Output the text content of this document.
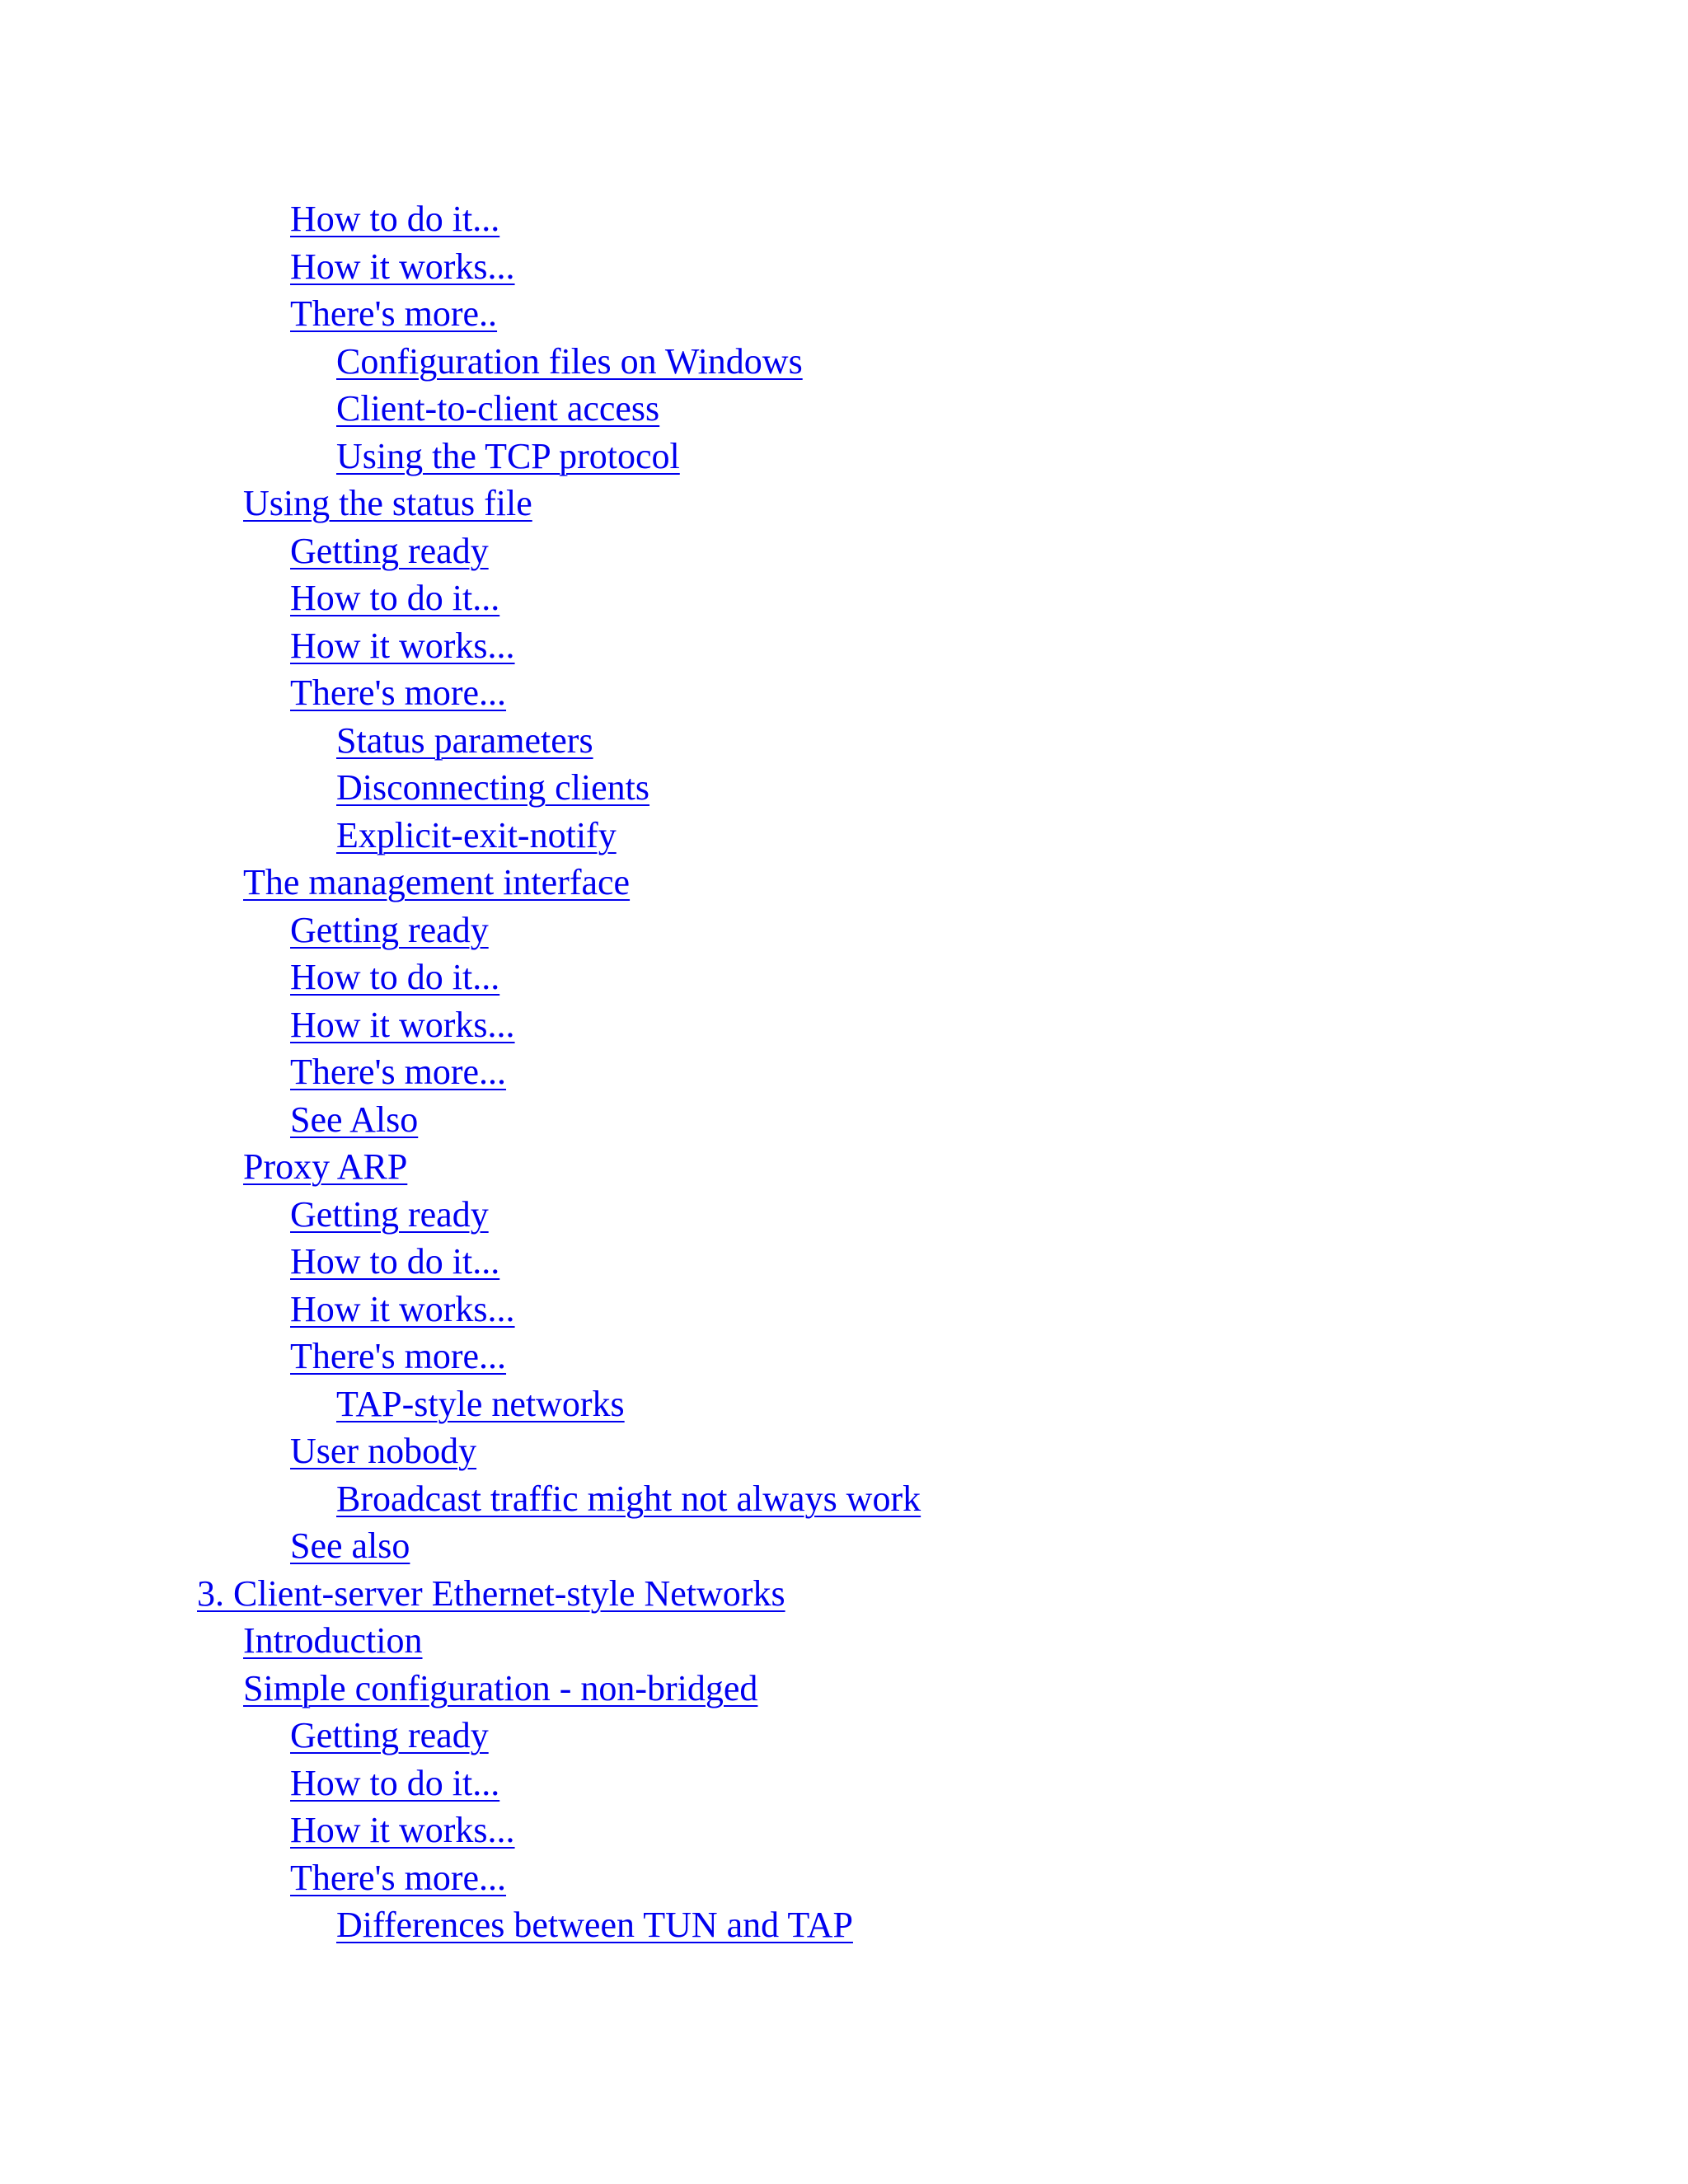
How to do it...
How it works...
There's more..
Configuration files on Windows
Client-to-client access
Using the TCP protocol
Using the status file
Getting ready
How to do it...
How it works...
There's more...
Status parameters
Disconnecting clients
Explicit-exit-notify
The management interface
Getting ready
How to do it...
How it works...
There's more...
See Also
Proxy ARP
Getting ready
How to do it...
How it works...
There's more...
TAP-style networks
User nobody
Broadcast traffic might not always work
See also
3. Client-server Ethernet-style Networks
Introduction
Simple configuration - non-bridged
Getting ready
How to do it...
How it works...
There's more...
Differences between TUN and TAP
